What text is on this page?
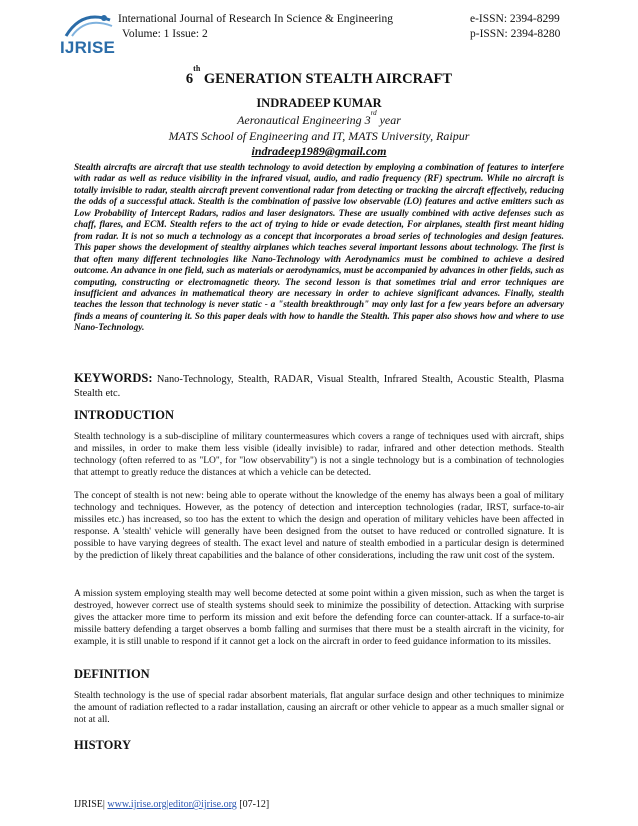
IJRISE
International Journal of Research In Science & Engineering
Volume: 1 Issue: 2
e-ISSN: 2394-8299
p-ISSN: 2394-8280
6th GENERATION STEALTH AIRCRAFT
INDRADEEP KUMAR
Aeronautical Engineering 3rd year
MATS School of Engineering and IT, MATS University, Raipur
indradeep1989@gmail.com
Stealth aircrafts are aircraft that use stealth technology to avoid detection by employing a combination of features to interfere with radar as well as reduce visibility in the infrared visual, audio, and radio frequency (RF) spectrum. While no aircraft is totally invisible to radar, stealth aircraft prevent conventional radar from detecting or tracking the aircraft effectively, reducing the odds of a successful attack. Stealth is the combination of passive low observable (LO) features and active emitters such as Low Probability of Intercept Radars, radios and laser designators. These are usually combined with active defenses such as chaff, flares, and ECM. Stealth refers to the act of trying to hide or evade detection, For airplanes, stealth first meant hiding from radar. It is not so much a technology as a concept that incorporates a broad series of technologies and design features. This paper shows the development of stealthy airplanes which teaches several important lessons about technology. The first is that often many different technologies like Nano-Technology with Aerodynamics must be combined to achieve a desired outcome. An advance in one field, such as materials or aerodynamics, must be accompanied by advances in other fields, such as computing, constructing or electromagnetic theory. The second lesson is that sometimes trial and error techniques are insufficient and advances in mathematical theory are necessary in order to achieve significant advances. Finally, stealth teaches the lesson that technology is never static - a "stealth breakthrough" may only last for a few years before an adversary finds a means of countering it. So this paper deals with how to handle the Stealth. This paper also shows how and where to use Nano-Technology.
KEYWORDS: Nano-Technology, Stealth, RADAR, Visual Stealth, Infrared Stealth, Acoustic Stealth, Plasma Stealth etc.
INTRODUCTION

Stealth technology is a sub-discipline of military countermeasures which covers a range of techniques used with aircraft, ships and missiles, in order to make them less visible (ideally invisible) to radar, infrared and other detection methods. Stealth technology (often referred to as "LO", for "low observability") is not a single technology but is a combination of technologies that attempt to greatly reduce the distances at which a vehicle can be detected.

The concept of stealth is not new: being able to operate without the knowledge of the enemy has always been a goal of military technology and techniques. However, as the potency of detection and interception technologies (radar, IRST, surface-to-air missiles etc.) has increased, so too has the extent to which the design and operation of military vehicles have been affected in response. A 'stealth' vehicle will generally have been designed from the outset to have reduced or controlled signature. It is possible to have varying degrees of stealth. The exact level and nature of stealth embodied in a particular design is determined by the prediction of likely threat capabilities and the balance of other considerations, including the raw unit cost of the system.

A mission system employing stealth may well become detected at some point within a given mission, such as when the target is destroyed, however correct use of stealth systems should seek to minimize the possibility of detection. Attacking with surprise gives the attacker more time to perform its mission and exit before the defending force can counter-attack. If a surface-to-air missile battery defending a target observes a bomb falling and surmises that there must be a stealth aircraft in the vicinity, for example, it is still unable to respond if it cannot get a lock on the aircraft in order to feed guidance information to its missiles.

DEFINITION

Stealth technology is the use of special radar absorbent materials, flat angular surface design and other techniques to minimize the amount of radiation reflected to a radar installation, causing an aircraft or other vehicle to appear as a much smaller signal or not at all.

HISTORY
IJRISE| www.ijrise.org|editor@ijrise.org [07-12]
